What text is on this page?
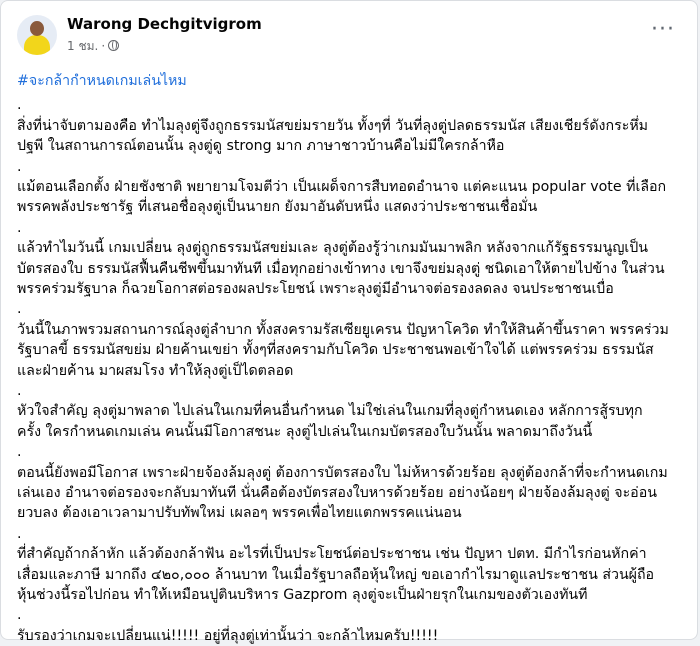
Warong Dechgitvigrom
1 ชม. ·
···
#จะกล้ากำหนดเกมเล่นไหม
.

สิ่งที่น่าจับตามองคือ ทำไมลุงตู่จึงถูกธรรมนัสขย่มรายวัน ทั้งๆที่ วันที่ลุงตู่ปลดธรรมนัส เสียงเชียร์ดังกระหึ่ม
ปฐพี ในสถานการณ์ตอนนั้น ลุงตู่ดู strong มาก ภาษาชาวบ้านคือไม่มีใครกล้าหือ

.

แม้ตอนเลือกตั้ง ฝ่ายชังชาติ พยายามโจมตีว่า เป็นเผด็จการสืบทอดอำนาจ แต่คะแนน popular vote ที่เลือก
พรรคพลังประชารัฐ ที่เสนอชื่อลุงตู่เป็นนายก ยังมาอันดับหนึ่ง แสดงว่าประชาชนเชื่อมั่น

.

แล้วทำไมวันนี้ เกมเปลี่ยน ลุงตู่ถูกธรรมนัสขย่มเละ ลุงตู่ต้องรู้ว่าเกมมันมาพลิก หลังจากแก้รัฐธรรมนูญเป็น
บัตรสองใบ ธรรมนัสฟื้นคืนชีพขึ้นมาทันที เมื่อทุกอย่างเข้าทาง เขาจึงขย่มลุงตู่ ชนิดเอาให้ตายไปข้าง ในส่วน
พรรคร่วมรัฐบาล ก็ฉวยโอกาสต่อรองผลประโยชน์ เพราะลุงตู่มีอำนาจต่อรองลดลง จนประชาชนเบื่อ

.

วันนี้ในภาพรวมสถานการณ์ลุงตู่ลำบาก ทั้งสงครามรัสเซียยูเครน ปัญหาโควิด ทำให้สินค้าขึ้นราคา พรรคร่วม
รัฐบาลขี้ ธรรมนัสขย่ม ฝ่ายค้านเขย่า ทั้งๆที่สงครามกับโควิด ประชาชนพอเข้าใจได้ แต่พรรคร่วม ธรรมนัส
และฝ่ายค้าน มาผสมโรง ทำให้ลุงตู่เป็ไดตลอด

.

หัวใจสำคัญ ลุงตู่มาพลาด ไปเล่นในเกมที่คนอื่นกำหนด ไม่ใช่เล่นในเกมที่ลุงตู่กำหนดเอง หลักการสู้รบทุก
ครั้ง ใครกำหนดเกมเล่น คนนั้นมีโอกาสชนะ ลุงตู่ไปเล่นในเกมบัตรสองใบวันนั้น พลาดมาถึงวันนี้

.

ตอนนี้ยังพอมีโอกาส เพราะฝ่ายจ้องล้มลุงตู่ ต้องการบัตรสองใบ ไม่ห้หารด้วยร้อย ลุงตู่ต้องกล้าที่จะกำหนดเกม
เล่นเอง อำนาจต่อรองจะกลับมาทันที นั่นคือต้องบัตรสองใบหารด้วยร้อย อย่างน้อยๆ ฝ่ายจ้องล้มลุงตู่ จะอ่อน
ยวบลง ต้องเอาเวลามาปรับทัพใหม่ เผลอๆ พรรคเพื่อไทยแตกพรรคแน่นอน

.

ที่สำคัญถ้ากล้าหัก แล้วต้องกล้าฟัน อะไรที่เป็นประโยชน์ต่อประชาชน เช่น ปัญหา ปตท. มีกำไรก่อนหักค่า
เสื่อมและภาษี มากถึง ๔๒๐,๐๐๐ ล้านบาท ในเมื่อรัฐบาลถือหุ้นใหญ่ ขอเอากำไรมาดูแลประชาชน ส่วนผู้ถือ
หุ้นช่วงนี้รอไปก่อน ทำให้เหมือนปูตินบริหาร Gazprom ลุงตู่จะเป็นฝ่ายรุกในเกมของตัวเองทันที

.

รับรองว่าเกมจะเปลี่ยนแน่!!!!! อยู่ที่ลุงตู่เท่านั้นว่า จะกล้าไหมครับ!!!!!
